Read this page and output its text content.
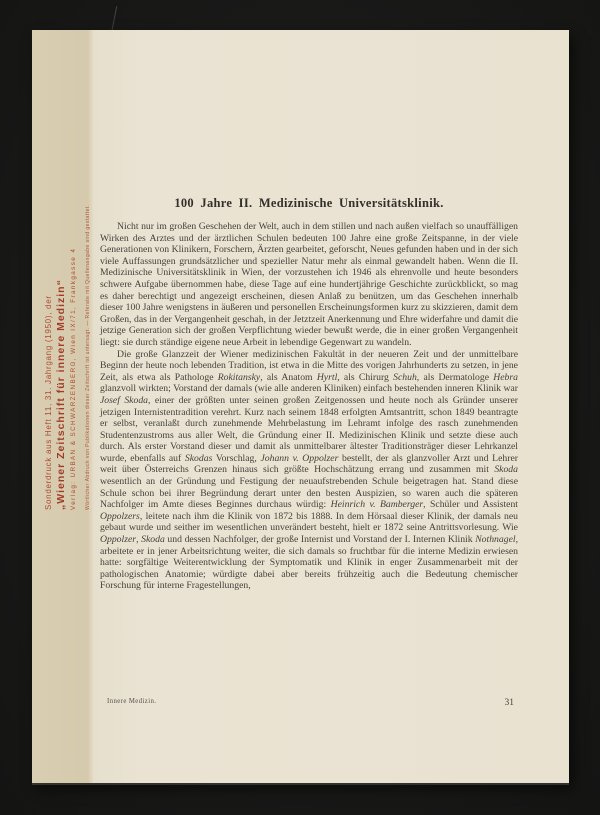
Sonderdruck aus Heft 11, 31. Jahrgang (1950), der „Wiener Zeitschrift für innere Medizin“ Verlag: URBAN & SCHWARZENBERG, Wien IX/71, Frankgasse 4 Wörtlicher Abdruck von Publikationen dieser Zeitschrift ist untersagt. — Referate mit Quellenangabe sind gestattet.
100 Jahre II. Medizinische Universitätsklinik.

Nicht nur im großen Geschehen der Welt, auch in dem stillen und nach außen vielfach so unauffälligen Wirken des Arztes und der ärztlichen Schulen bedeuten 100 Jahre eine große Zeitspanne, in der viele Generationen von Klinikern, Forschern, Ärzten gearbeitet, geforscht, Neues gefunden haben und in der sich viele Auffassungen grundsätzlicher und spezieller Natur mehr als einmal gewandelt haben. Wenn die II. Medizinische Universitätsklinik in Wien, der vorzustehen ich 1946 als ehrenvolle und heute besonders schwere Aufgabe übernommen habe, diese Tage auf eine hundertjährige Geschichte zurückblickt, so mag es daher berechtigt und angezeigt erscheinen, diesen Anlaß zu benützen, um das Geschehen innerhalb dieser 100 Jahre wenigstens in äußeren und personellen Erscheinungsformen kurz zu skizzieren, damit dem Großen, das in der Vergangenheit geschah, in der Jetztzeit Anerkennung und Ehre widerfahre und damit die jetzige Generation sich der großen Verpflichtung wieder bewußt werde, die in einer großen Vergangenheit liegt: sie durch ständige eigene neue Arbeit in lebendige Gegenwart zu wandeln.

Die große Glanzzeit der Wiener medizinischen Fakultät in der neueren Zeit und der unmittelbare Beginn der heute noch lebenden Tradition, ist etwa in die Mitte des vorigen Jahrhunderts zu setzen, in jene Zeit, als etwa als Pathologe Rokitansky, als Anatom Hyrtl, als Chirurg Schuh, als Dermatologe Hebra glanzvoll wirkten; Vorstand der damals (wie alle anderen Kliniken) einfach bestehenden inneren Klinik war Josef Skoda, einer der größten unter seinen großen Zeitgenossen und heute noch als Gründer unserer jetzigen Internistentradition verehrt. Kurz nach seinem 1848 erfolgten Amtsantritt, schon 1849 beantragte er selbst, veranlaßt durch zunehmende Mehrbelastung im Lehramt infolge des rasch zunehmenden Studentenzustroms aus aller Welt, die Gründung einer II. Medizinischen Klinik und setzte diese auch durch. Als erster Vorstand dieser und damit als unmittelbarer ältester Traditionsträger dieser Lehrkanzel wurde, ebenfalls auf Skodas Vorschlag, Johann v. Oppolzer bestellt, der als glanzvoller Arzt und Lehrer weit über Österreichs Grenzen hinaus sich größte Hochschätzung errang und zusammen mit Skoda wesentlich an der Gründung und Festigung der neuaufstrebenden Schule beigetragen hat. Stand diese Schule schon bei ihrer Begründung derart unter den besten Auspizien, so waren auch die späteren Nachfolger im Amte dieses Beginnes durchaus würdig: Heinrich v. Bamberger, Schüler und Assistent Oppolzers, leitete nach ihm die Klinik von 1872 bis 1888. In dem Hörsaal dieser Klinik, der damals neu gebaut wurde und seither im wesentlichen unverändert besteht, hielt er 1872 seine Antrittsvorlesung. Wie Oppolzer, Skoda und dessen Nachfolger, der große Internist und Vorstand der I. Internen Klinik Nothnagel, arbeitete er in jener Arbeitsrichtung weiter, die sich damals so fruchtbar für die interne Medizin erwiesen hatte: sorgfältige Weiterentwicklung der Symptomatik und Klinik in enger Zusammenarbeit mit der pathologischen Anatomie; würdigte dabei aber bereits frühzeitig auch die Bedeutung chemischer Forschung für interne Fragestellungen,

Innere Medizin.	31
